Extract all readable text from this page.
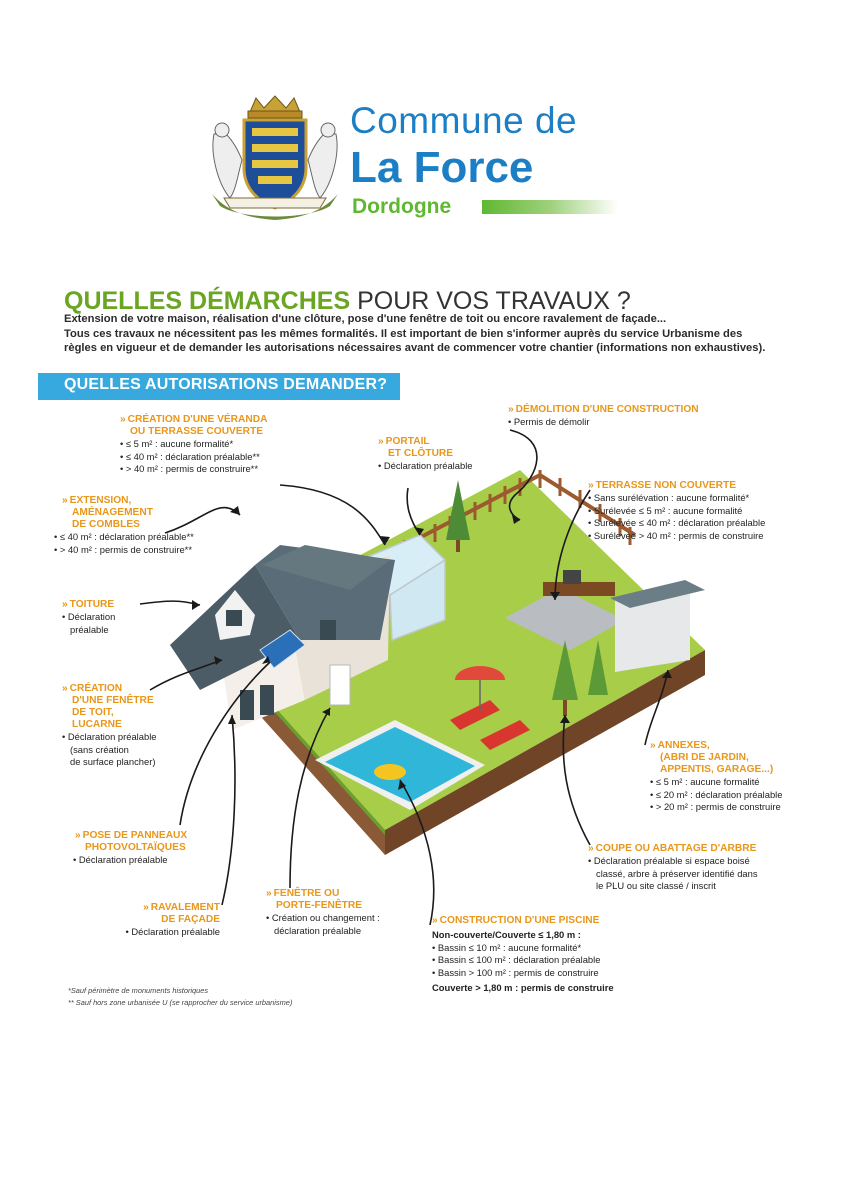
Commune de
La Force
Dordogne
QUELLES DÉMARCHES POUR VOS TRAVAUX ?
Extension de votre maison, réalisation d'une clôture, pose d'une fenêtre de toit ou encore ravalement de façade...
Tous ces travaux ne nécessitent pas les mêmes formalités. Il est important de bien s'informer auprès du service Urbanisme des
règles en vigueur et de demander les autorisations nécessaires avant de commencer votre chantier (informations non exhaustives).
QUELLES AUTORISATIONS DEMANDER?
» CRÉATION D'UNE VÉRANDA
OU TERRASSE COUVERTE
• ≤ 5 m² : aucune formalité*
• ≤ 40 m² : déclaration préalable**
• > 40 m² : permis de construire**
» EXTENSION,
AMÉNAGEMENT
DE COMBLES
• ≤ 40 m² : déclaration préalable**
• > 40 m² : permis de construire**
» TOITURE
• Déclaration
préalable
» CRÉATION
D'UNE FENÊTRE
DE TOIT,
LUCARNE
• Déclaration préalable
(sans création
de surface plancher)
» POSE DE PANNEAUX
PHOTOVOLTAÏQUES
• Déclaration préalable
» RAVALEMENT
DE FAÇADE
• Déclaration préalable
» FENÊTRE OU
PORTE-FENÊTRE
• Création ou changement :
déclaration préalable
» PORTAIL
ET CLÔTURE
• Déclaration préalable
» DÉMOLITION D'UNE CONSTRUCTION
• Permis de démolir
» TERRASSE NON COUVERTE
• Sans surélévation : aucune formalité*
• Surélevée ≤ 5 m² : aucune formalité
• Surélevée ≤ 40 m² : déclaration préalable
• Surélevée > 40 m² : permis de construire
» ANNEXES,
(ABRI DE JARDIN,
APPENTIS, GARAGE...)
• ≤ 5 m² : aucune formalité
• ≤ 20 m² : déclaration préalable
• > 20 m² : permis de construire
» COUPE OU ABATTAGE D'ARBRE
• Déclaration préalable si espace boisé
classé, arbre à préserver identifié dans
le PLU ou site classé / inscrit
» CONSTRUCTION D'UNE PISCINE
Non-couverte/Couverte ≤ 1,80 m :
• Bassin ≤ 10 m² : aucune formalité*
• Bassin ≤ 100 m² : déclaration préalable
• Bassin > 100 m² : permis de construire
Couverte > 1,80 m : permis de construire
*Sauf périmètre de monuments historiques
** Sauf hors zone urbanisée U (se rapprocher du service urbanisme)
